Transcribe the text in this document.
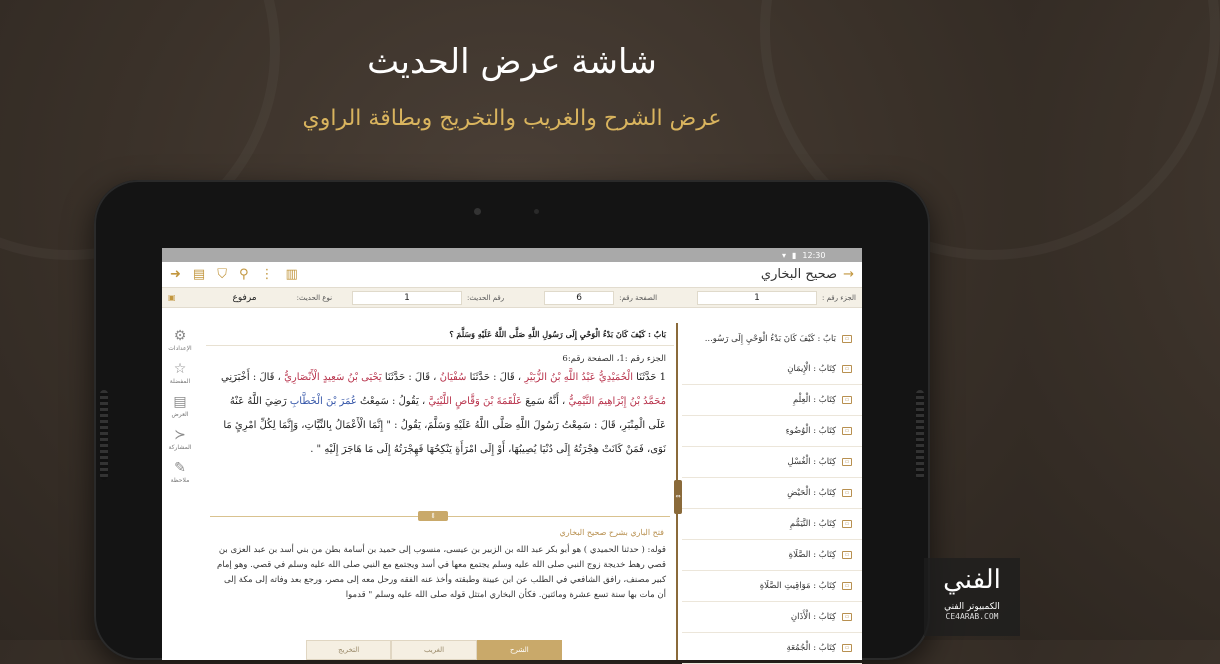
شاشة عرض الحديث
عرض الشرح والغريب والتخريج وبطاقة الراوي
▾ ▮ 12:30
➜ ▤ ⛉ ⚲ ⋮ ▥	→
صحيح البخاري
الجزء رقم :
1
الصفحة رقم:
6
رقم الحديث:
1
نوع الحديث:
مرفوع
▣
⚙
الإعدادات
☆
المفضلة
▤
العرض
≺
المشاركة
✎
ملاحظة
بَابٌ : كَيْفَ كَانَ بَدْءُ الْوَحْيِ إِلَى رَسُولِ اللَّهِ صَلَّى اللَّهُ عَلَيْهِ وَسَلَّمَ ؟
الجزء رقم :1، الصفحة رقم:6
1 حَدَّثَنَا الْحُمَيْدِيُّ عَبْدُ اللَّهِ بْنُ الزُّبَيْرِ ، قَالَ : حَدَّثَنَا سُفْيَانُ ، قَالَ : حَدَّثَنَا يَحْيَى بْنُ سَعِيدٍ الْأَنْصَارِيُّ ، قَالَ : أَخْبَرَنِي مُحَمَّدُ بْنُ إِبْرَاهِيمَ التَّيْمِيُّ ، أَنَّهُ سَمِعَ عَلْقَمَةَ بْنَ وَقَّاصٍ اللَّيْثِيَّ ، يَقُولُ : سَمِعْتُ عُمَرَ بْنَ الْخَطَّابِ رَضِيَ اللَّهُ عَنْهُ عَلَى الْمِنْبَرِ، قَالَ : سَمِعْتُ رَسُولَ اللَّهِ صَلَّى اللَّهُ عَلَيْهِ وَسَلَّمَ، يَقُولُ : " إِنَّمَا الْأَعْمَالُ بِالنِّيَّاتِ، وَإِنَّمَا لِكُلِّ امْرِئٍ مَا نَوَى، فَمَنْ كَانَتْ هِجْرَتُهُ إِلَى دُنْيَا يُصِيبُهَا، أَوْ إِلَى امْرَأَةٍ يَنْكِحُهَا فَهِجْرَتُهُ إِلَى مَا هَاجَرَ إِلَيْهِ " .
⇕
فتح الباري بشرح صحيح البخاري
قوله: ( حدثنا الحميدي ) هو أبو بكر عبد الله بن الزبير بن عيسى، منسوب إلى حميد بن أسامة بطن من بني أسد بن عبد العزى بن قصي رهط خديجة زوج النبي صلى الله عليه وسلم يجتمع معها في أسد ويجتمع مع النبي صلى الله عليه وسلم في قصي. وهو إمام كبير مصنف، رافق الشافعي في الطلب عن ابن عيينة وطبقته وأخذ عنه الفقه ورحل معه إلى مصر، ورجع بعد وفاته إلى مكة إلى أن مات بها سنة تسع عشرة ومائتين. فكأن البخاري امتثل قوله صلى الله عليه وسلم " قدموا
الشرح
الغريب
التخريج
⇔
▭
بَابٌ : كَيْفَ كَانَ بَدْءُ الْوَحْيِ إِلَى رَسُو...
▭
كِتَابُ : الْإِيمَانِ
▭
كِتَابُ : الْعِلْمِ
▭
كِتَابُ : الْوُضُوءِ
▭
كِتَابُ : الْغُسْلِ
▭
كِتَابُ : الْحَيْضِ
▭
كِتَابُ : التَّيَمُّمِ
▭
كِتَابُ : الصَّلَاةِ
▭
كِتَابُ : مَوَاقِيتِ الصَّلَاةِ
▭
كِتَابُ : الْأَذَانِ
▭
كِتَابُ : الْجُمُعَةِ
الفني
الكمبيوتر الفني
CE4ARAB.COM
